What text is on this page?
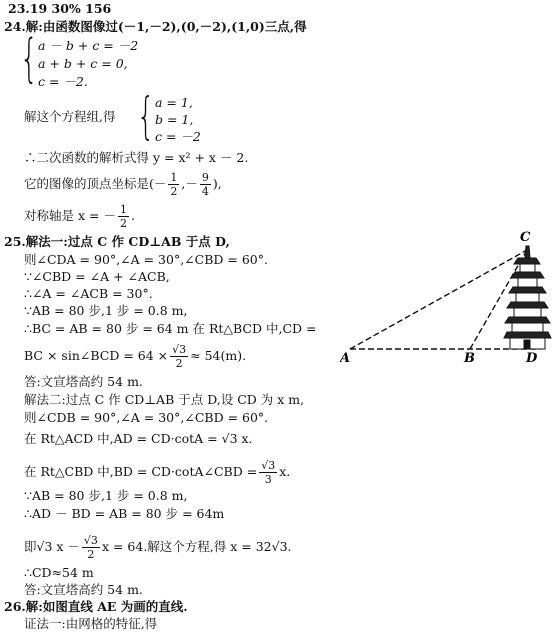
23.19 30% 156
24.解:由函数图像过(－1,－2),(0,－2),(1,0)三点,得
{ a － b + c = －2
a + b + c = 0,
c = －2.
解这个方程组,得 { a = 1,
b = 1,
c = －2
∴二次函数的解析式得 y = x² + x － 2.
它的图像的顶点坐标是(－ $\frac{1}{2}$ ,－ $\frac{9}{4}$ ),
对称轴是 x = － $\frac{1}{2}$ .
25.解法一:过点 C 作 CD⊥AB 于点 D,
则∠CDA = 90°,∠A = 30°,∠CBD = 60°.
∵∠CBD = ∠A + ∠ACB,
∴∠A = ∠ACB = 30°.
∵AB = 80 步,1 步 = 0.8 m,
∴BC = AB = 80 步 = 64 m 在 Rt△BCD 中,CD =
BC × sin∠BCD = $64 \times \frac{√3}{2} \approx 54(m)$.
答:文宣塔高约 54 m.
解法二:过点 C 作 CD⊥AB 于点 D,设 CD 为 x m,
则∠CDB = 90°,∠A = 30°,∠CBD = 60°.
在 Rt△ACD 中,AD = CD·cotA = √3 x.
在 Rt△CBD 中,BD = CD·cotA∠CBD = $\frac{√3}{3} x$.
∵AB = 80 步,1 步 = 0.8 m,
∴AD － BD = AB = 80 步 = 64m
即√3 $x - \frac{√3}{2}$ x = 64.解这个方程,得 x = 32√3.
∴CD≈54 m
答:文宣塔高约 54 m.
26.解:如图直线 AE 为画的直线.
证法一:由网格的特征,得
A	B	D
C
